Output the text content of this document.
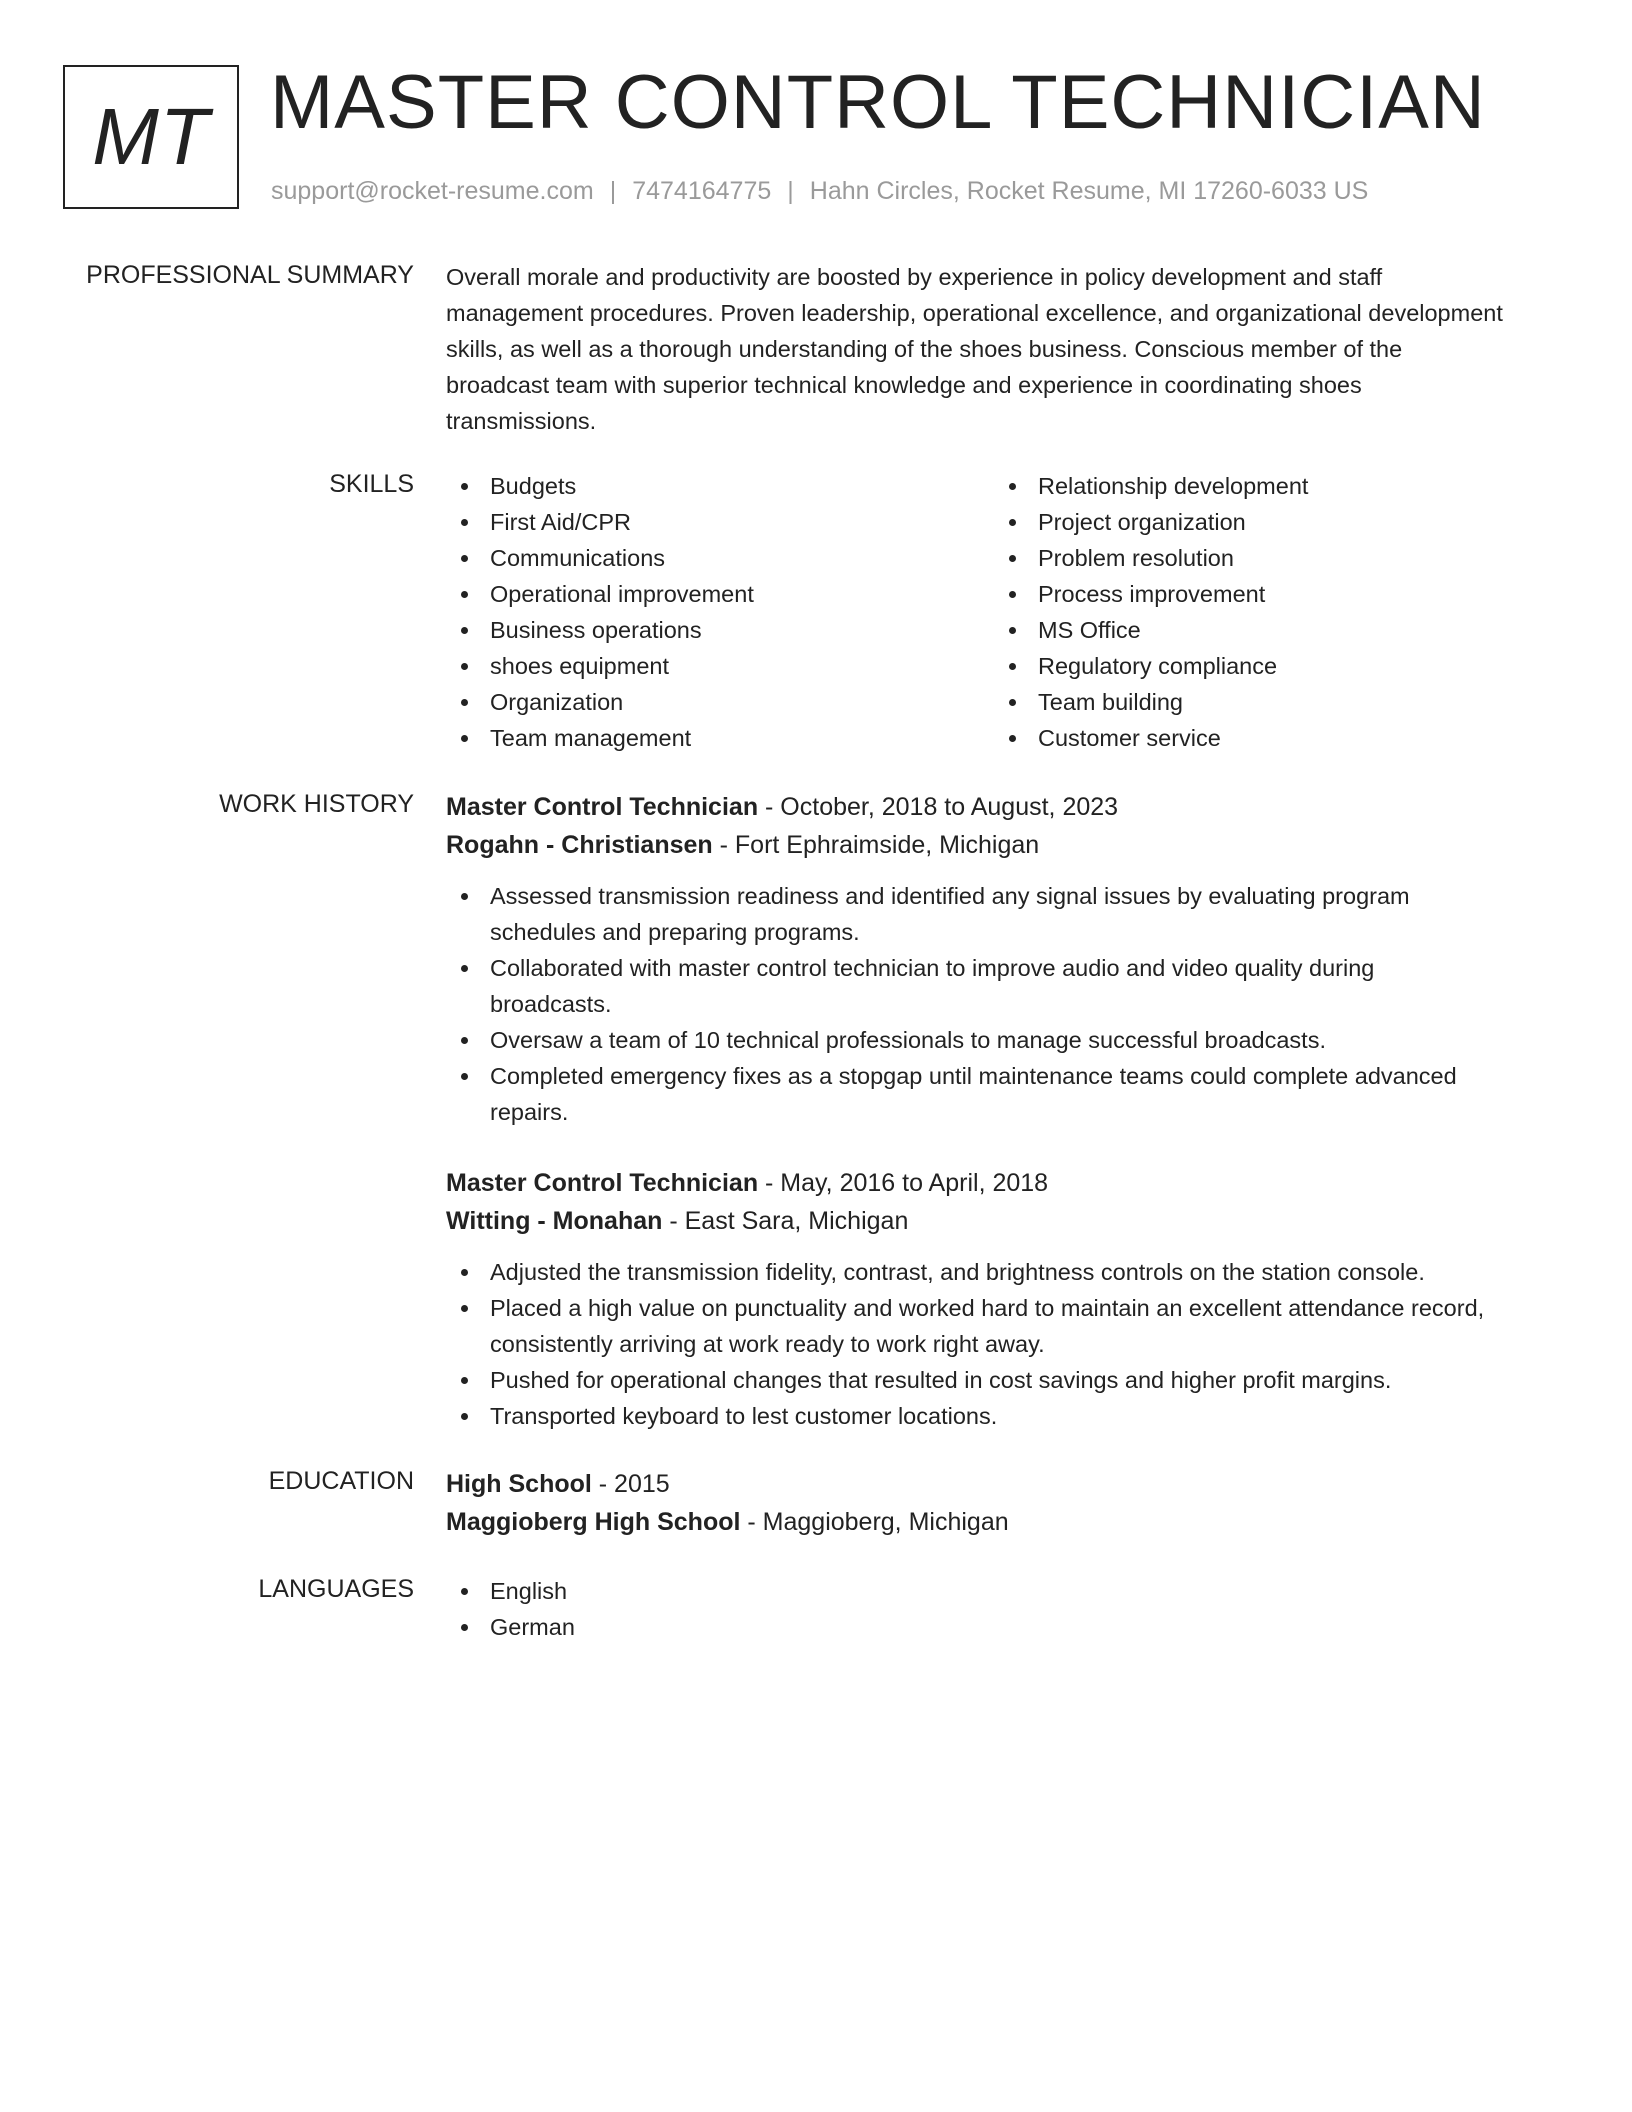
MT MASTER CONTROL TECHNICIAN
support@rocket-resume.com | 7474164775 | Hahn Circles, Rocket Resume, MI 17260-6033 US
PROFESSIONAL SUMMARY Overall morale and productivity are boosted by experience in policy development and staff
management procedures. Proven leadership, operational excellence, and organizational development
skills, as well as a thorough understanding of the shoes business. Conscious member of the
broadcast team with superior technical knowledge and experience in coordinating shoes
transmissions.
SKILLS	Budgets
First Aid/CPR
Communications
Operational improvement
Business operations
shoes equipment
Organization
Team management
Relationship development
Project organization
Problem resolution
Process improvement
MS Office
Regulatory compliance
Team building
Customer service
WORK HISTORY Master Control Technician - October, 2018 to August, 2023
Rogahn - Christiansen - Fort Ephraimside, Michigan
Assessed transmission readiness and identified any signal issues by evaluating program
schedules and preparing programs.
Collaborated with master control technician to improve audio and video quality during
broadcasts.
Oversaw a team of 10 technical professionals to manage successful broadcasts.
Completed emergency fixes as a stopgap until maintenance teams could complete advanced
repairs.
Master Control Technician - May, 2016 to April, 2018
Witting - Monahan - East Sara, Michigan
Adjusted the transmission fidelity, contrast, and brightness controls on the station console.
Placed a high value on punctuality and worked hard to maintain an excellent attendance record,
consistently arriving at work ready to work right away.
Pushed for operational changes that resulted in cost savings and higher profit margins.
Transported keyboard to lest customer locations.
EDUCATION High School - 2015
Maggioberg High School - Maggioberg, Michigan
LANGUAGES	English
German
